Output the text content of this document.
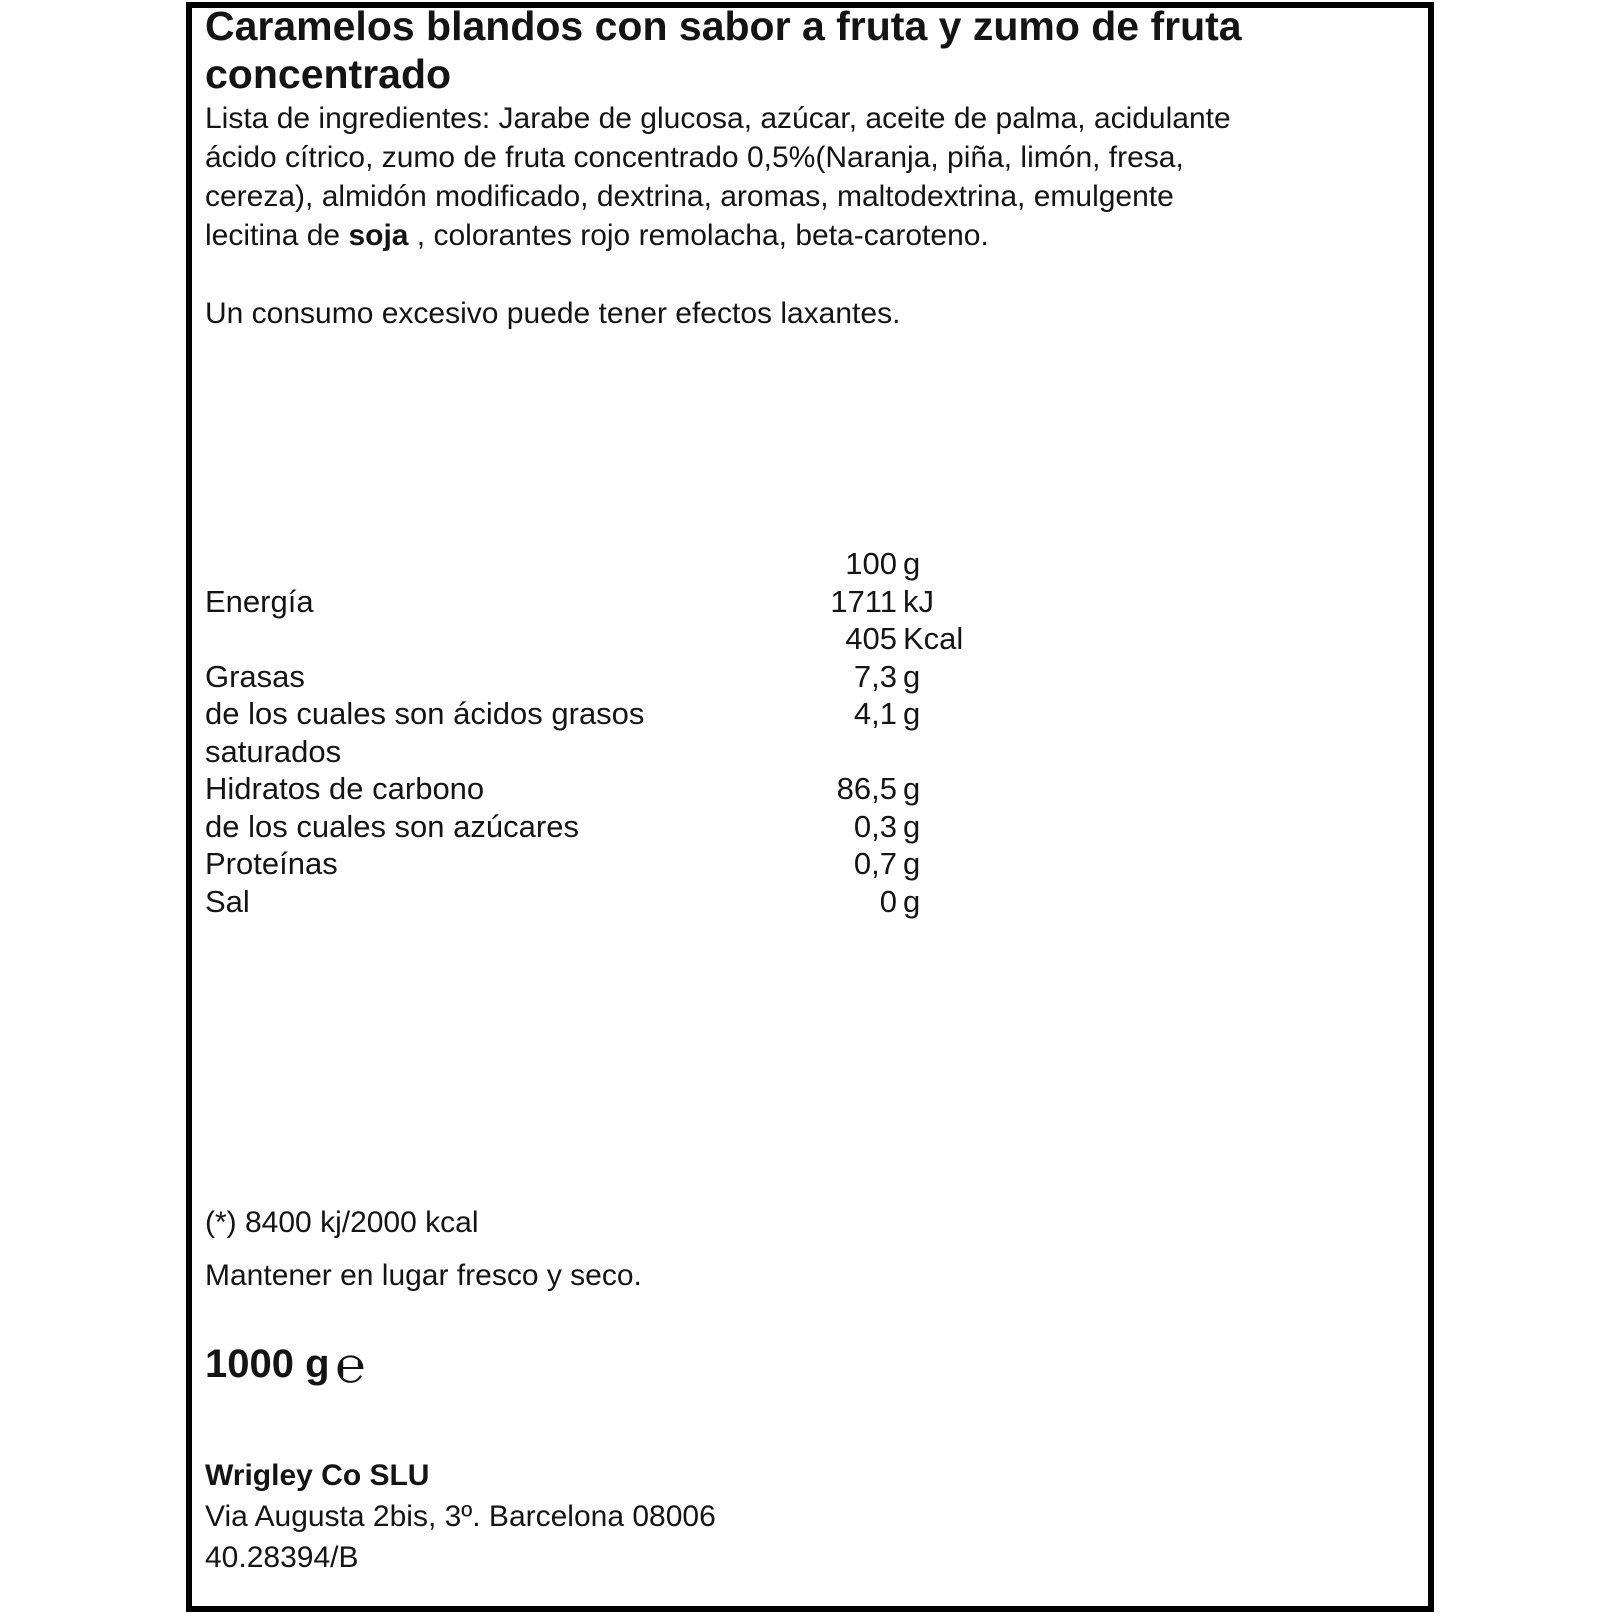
Caramelos blandos con sabor a fruta y zumo de fruta concentrado
Lista de ingredientes: Jarabe de glucosa, azúcar, aceite de palma, acidulante
ácido cítrico, zumo de fruta concentrado 0,5%(Naranja, piña, limón, fresa,
cereza), almidón modificado, dextrina, aromas, maltodextrina, emulgente
lecitina de soja , colorantes rojo remolacha, beta-caroteno.
Un consumo excesivo puede tener efectos laxantes.
100 g
Energía	1711 kJ
405 Kcal
Grasas	7,3 g
de los cuales son ácidos grasos	4,1 g
saturados
Hidratos de carbono	86,5 g
de los cuales son azúcares	0,3 g
Proteínas	0,7 g
Sal	0 g
(*) 8400 kj/2000 kcal
Mantener en lugar fresco y seco.
1000 g ℮
Wrigley Co SLU
Via Augusta 2bis, 3º. Barcelona 08006
40.28394/B
